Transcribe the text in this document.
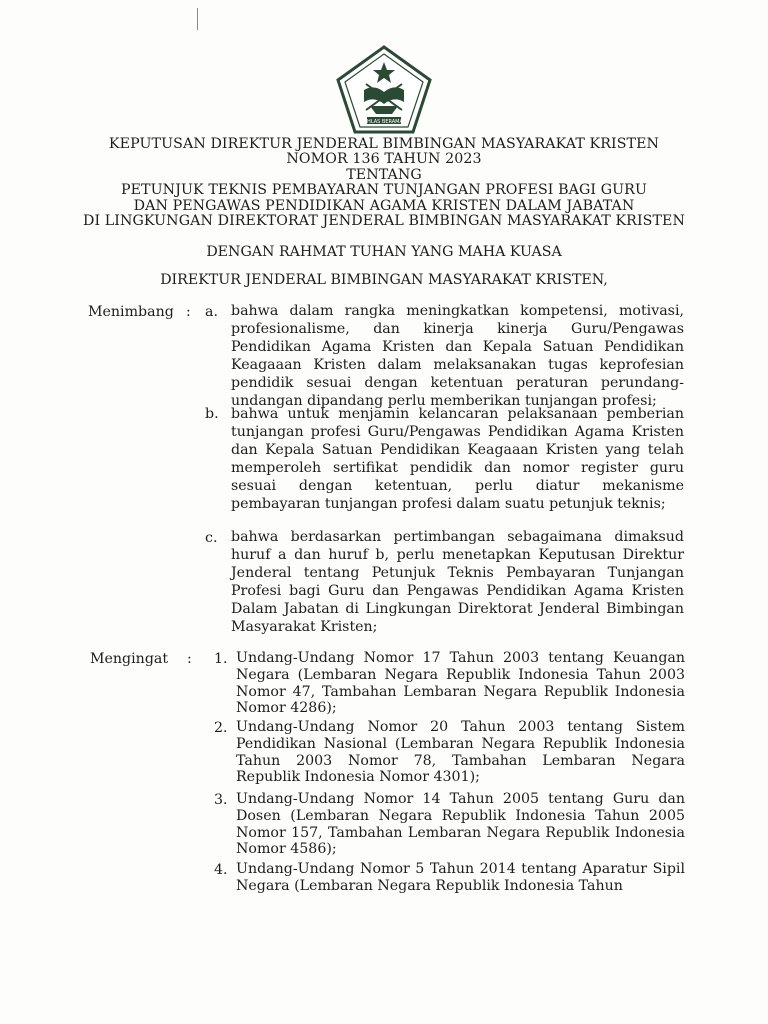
IKHLAS BERAMAL
KEPUTUSAN DIREKTUR JENDERAL BIMBINGAN MASYARAKAT KRISTEN
NOMOR 136 TAHUN 2023
TENTANG
PETUNJUK TEKNIS PEMBAYARAN TUNJANGAN PROFESI BAGI GURU
DAN PENGAWAS PENDIDIKAN AGAMA KRISTEN DALAM JABATAN
DI LINGKUNGAN DIREKTORAT JENDERAL BIMBINGAN MASYARAKAT KRISTEN
DENGAN RAHMAT TUHAN YANG MAHA KUASA
DIREKTUR JENDERAL BIMBINGAN MASYARAKAT KRISTEN,
Menimbang : a. bahwa dalam rangka meningkatkan kompetensi, motivasi, profesionalisme, dan kinerja kinerja Guru/Pengawas Pendidikan Agama Kristen dan Kepala Satuan Pendidikan Keagaaan Kristen dalam melaksanakan tugas keprofesian pendidik sesuai dengan ketentuan peraturan perundang-undangan dipandang perlu memberikan tunjangan profesi;
b. bahwa untuk menjamin kelancaran pelaksanaan pemberian tunjangan profesi Guru/Pengawas Pendidikan Agama Kristen dan Kepala Satuan Pendidikan Keagaaan Kristen yang telah memperoleh sertifikat pendidik dan nomor register guru sesuai dengan ketentuan, perlu diatur mekanisme pembayaran tunjangan profesi dalam suatu petunjuk teknis;
c. bahwa berdasarkan pertimbangan sebagaimana dimaksud huruf a dan huruf b, perlu menetapkan Keputusan Direktur Jenderal tentang Petunjuk Teknis Pembayaran Tunjangan Profesi bagi Guru dan Pengawas Pendidikan Agama Kristen Dalam Jabatan di Lingkungan Direktorat Jenderal Bimbingan Masyarakat Kristen;
Mengingat : 1. Undang-Undang Nomor 17 Tahun 2003 tentang Keuangan Negara (Lembaran Negara Republik Indonesia Tahun 2003 Nomor 47, Tambahan Lembaran Negara Republik Indonesia Nomor 4286);
2. Undang-Undang Nomor 20 Tahun 2003 tentang Sistem Pendidikan Nasional (Lembaran Negara Republik Indonesia Tahun 2003 Nomor 78, Tambahan Lembaran Negara Republik Indonesia Nomor 4301);
3. Undang-Undang Nomor 14 Tahun 2005 tentang Guru dan Dosen (Lembaran Negara Republik Indonesia Tahun 2005 Nomor 157, Tambahan Lembaran Negara Republik Indonesia Nomor 4586);
4. Undang-Undang Nomor 5 Tahun 2014 tentang Aparatur Sipil Negara (Lembaran Negara Republik Indonesia Tahun
